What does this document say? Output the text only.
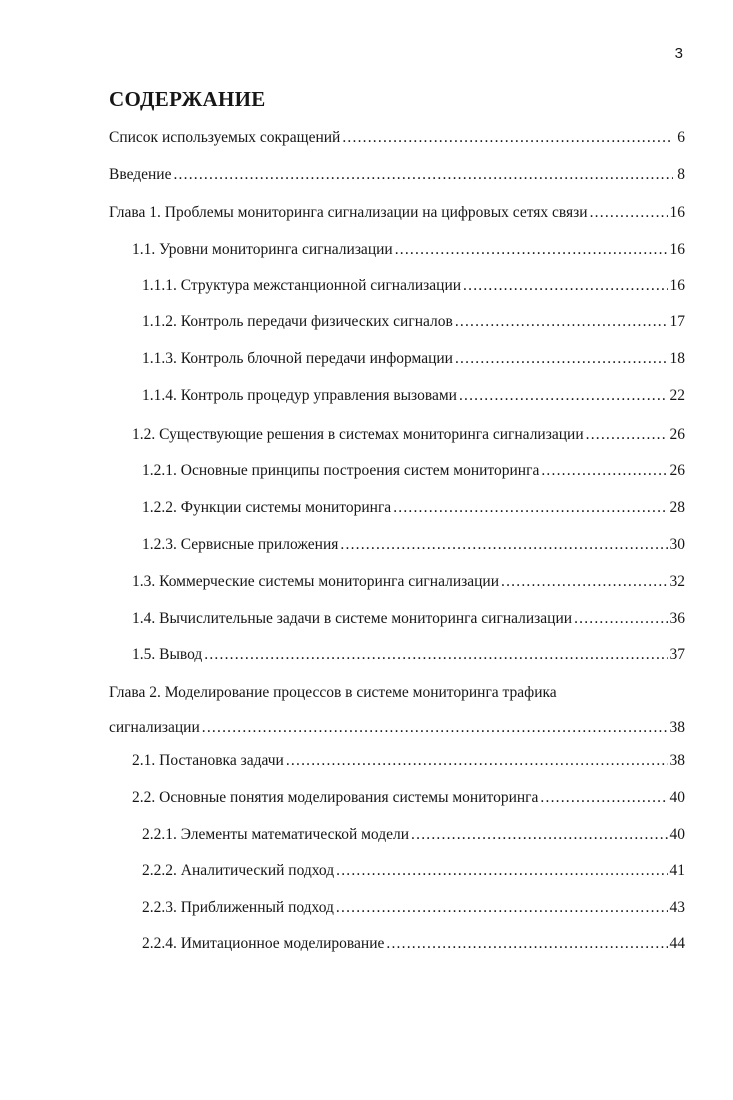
3
СОДЕРЖАНИЕ
Список используемых сокращений .....	6
Введение .....	8
Глава 1. Проблемы мониторинга сигнализации на цифровых сетях связи .....	16
1.1. Уровни мониторинга сигнализации .....	16
1.1.1. Структура межстанционной сигнализации .....	16
1.1.2. Контроль передачи физических сигналов .....	17
1.1.3. Контроль блочной передачи информации .....	18
1.1.4. Контроль процедур управления вызовами .....	22
1.2. Существующие решения в системах мониторинга сигнализации .....	26
1.2.1. Основные принципы построения систем мониторинга .....	26
1.2.2. Функции системы мониторинга .....	28
1.2.3. Сервисные приложения .....	30
1.3. Коммерческие системы мониторинга сигнализации .....	32
1.4. Вычислительные задачи в системе мониторинга сигнализации .....	36
1.5. Вывод .....	37
Глава 2. Моделирование процессов в системе мониторинга трафика
сигнализации .....	38
2.1. Постановка задачи .....	38
2.2. Основные понятия моделирования системы мониторинга .....	40
2.2.1. Элементы математической модели .....	40
2.2.2. Аналитический подход .....	41
2.2.3. Приближенный подход .....	43
2.2.4. Имитационное моделирование .....	44
